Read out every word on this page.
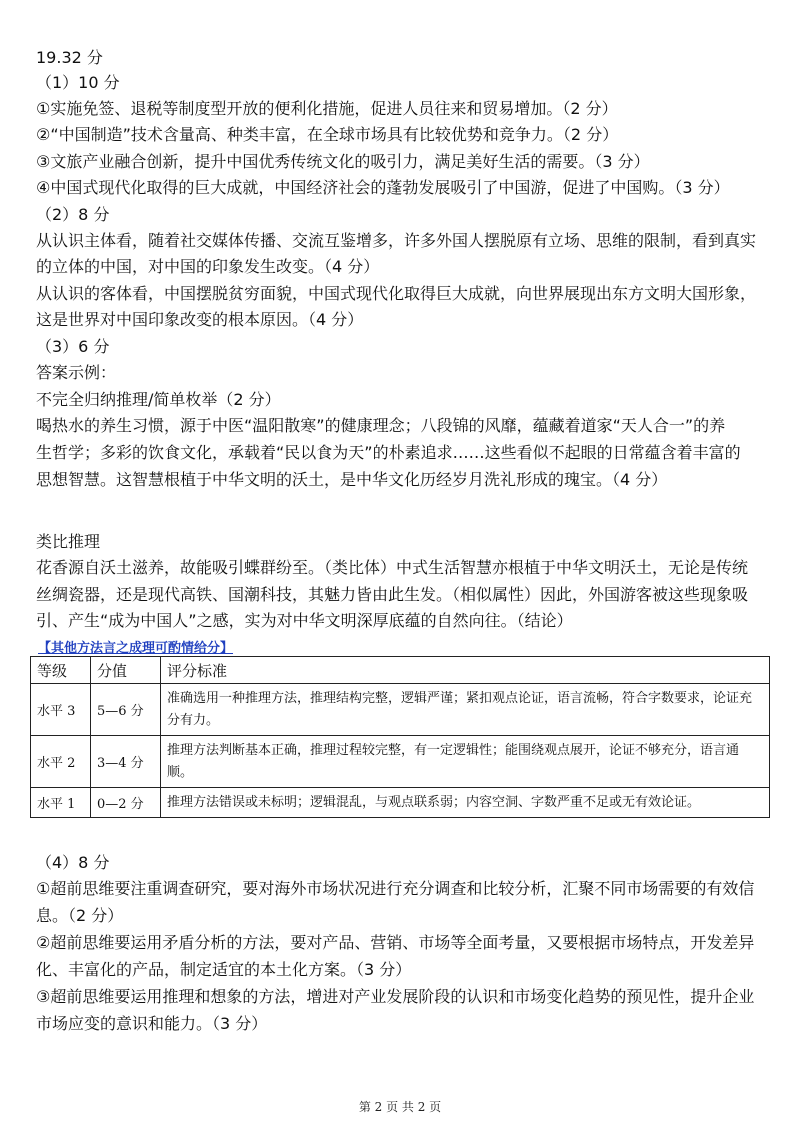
19.32 分
（1）10 分
①实施免签、退税等制度型开放的便利化措施，促进人员往来和贸易增加。（2 分）
②“中国制造”技术含量高、种类丰富，在全球市场具有比较优势和竞争力。（2 分）
③文旅产业融合创新，提升中国优秀传统文化的吸引力，满足美好生活的需要。（3 分）
④中国式现代化取得的巨大成就，中国经济社会的蓬勃发展吸引了中国游，促进了中国购。（3 分）
（2）8 分
从认识主体看，随着社交媒体传播、交流互鉴增多，许多外国人摆脱原有立场、思维的限制，看到真实
的立体的中国，对中国的印象发生改变。（4 分）
从认识的客体看，中国摆脱贫穷面貌，中国式现代化取得巨大成就，向世界展现出东方文明大国形象，
这是世界对中国印象改变的根本原因。（4 分）
（3）6 分
答案示例：
不完全归纳推理/简单枚举（2 分）
喝热水的养生习惯，源于中医“温阳散寒”的健康理念；八段锦的风靡，蕴藏着道家“天人合一”的养
生哲学；多彩的饮食文化，承载着“民以食为天”的朴素追求……这些看似不起眼的日常蕴含着丰富的
思想智慧。这智慧根植于中华文明的沃土，是中华文化历经岁月洗礼形成的瑰宝。（4 分）
类比推理
花香源自沃土滋养，故能吸引蝶群纷至。（类比体）中式生活智慧亦根植于中华文明沃土，无论是传统
丝绸瓷器，还是现代高铁、国潮科技，其魅力皆由此生发。（相似属性）因此，外国游客被这些现象吸
引、产生“成为中国人”之感，实为对中华文明深厚底蕴的自然向往。（结论）
（4）8 分
①超前思维要注重调查研究，要对海外市场状况进行充分调查和比较分析，汇聚不同市场需要的有效信
息。（2 分）
②超前思维要运用矛盾分析的方法，要对产品、营销、市场等全面考量，又要根据市场特点，开发差异
化、丰富化的产品，制定适宜的本土化方案。（3 分）
③超前思维要运用推理和想象的方法，增进对产业发展阶段的认识和市场变化趋势的预见性，提升企业
市场应变的意识和能力。（3 分）
【其他方法言之成理可酌情给分】
等级	分值	评分标准
水平 3	5—6 分	准确选用一种推理方法，推理结构完整，逻辑严谨；紧扣观点论证，语言流畅，符合字数要求，论证充分有力。
水平 2	3—4 分	推理方法判断基本正确，推理过程较完整，有一定逻辑性；能围绕观点展开，论证不够充分，语言通顺。
水平 1	0—2 分	推理方法错误或未标明；逻辑混乱，与观点联系弱；内容空洞、字数严重不足或无有效论证。
第 2 页 共 2 页
